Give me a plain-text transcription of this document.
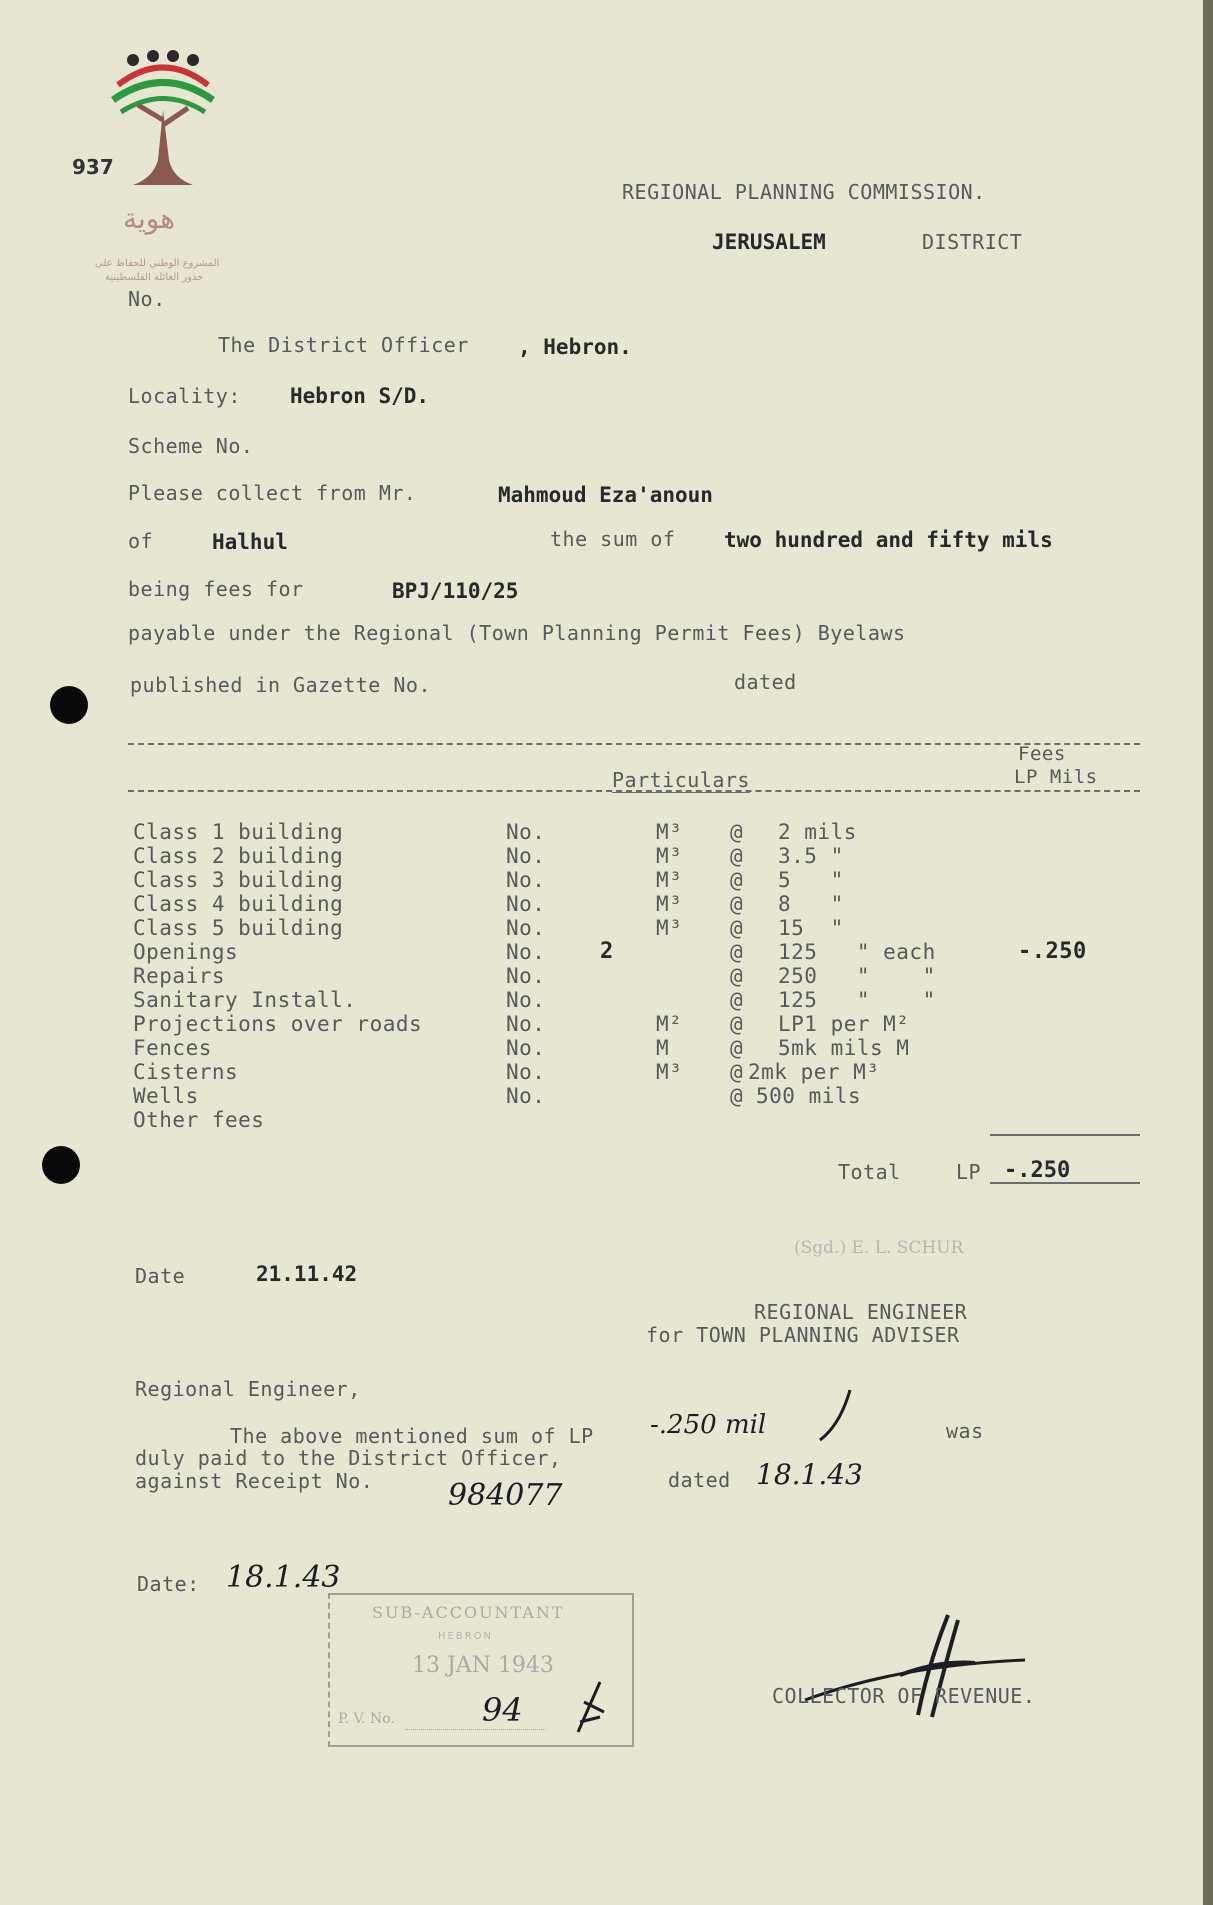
هوية
المشروع الوطني للحفاظ على
جذور العائلة الفلسطينية
937
REGIONAL PLANNING COMMISSION.
JERUSALEM	DISTRICT
No.
The District Officer , Hebron.
Locality: Hebron S/D.
Scheme No.
Please collect from Mr.	Mahmoud Eza'anoun
of	Halhul	the sum of two hundred and fifty mils
being fees for	BPJ/110/25
payable under the Regional (Town Planning Permit Fees) Byelaws
published in Gazette No.	dated
Fees
LP Mils
Particulars
Class 1 building	No.	M³ @ 2 mils
Class 2 building	No.	M³ @ 3.5 "
Class 3 building	No.	M³ @ 5   "
Class 4 building	No.	M³ @ 8   "
Class 5 building	No.	M³ @ 15  "
Openings	No. 2	@ 125   " each	-.250
Repairs	No.	@ 250   "    "
Sanitary Install.	No.	@ 125   "    "
Projections over roads	No.	M² @ LP1 per M²
Fences	No.	M	@ 5mk mils M
Cisterns	No.	M³ @ 2mk per M³
Wells	No.	@ 500 mils
Other fees
Total	LP -.250
(Sgd.) E. L. SCHUR
Date	21.11.42
REGIONAL ENGINEER
for TOWN PLANNING ADVISER
Regional Engineer,
The above mentioned sum of LP -.250 mil	was
duly paid to the District Officer,
against Receipt No. 984077	dated 18.1.43
Date: 18.1.43
SUB-ACCOUNTANT
HEBRON
13 JAN 1943
P. V. No.	94	COLLECTOR OF REVENUE.
